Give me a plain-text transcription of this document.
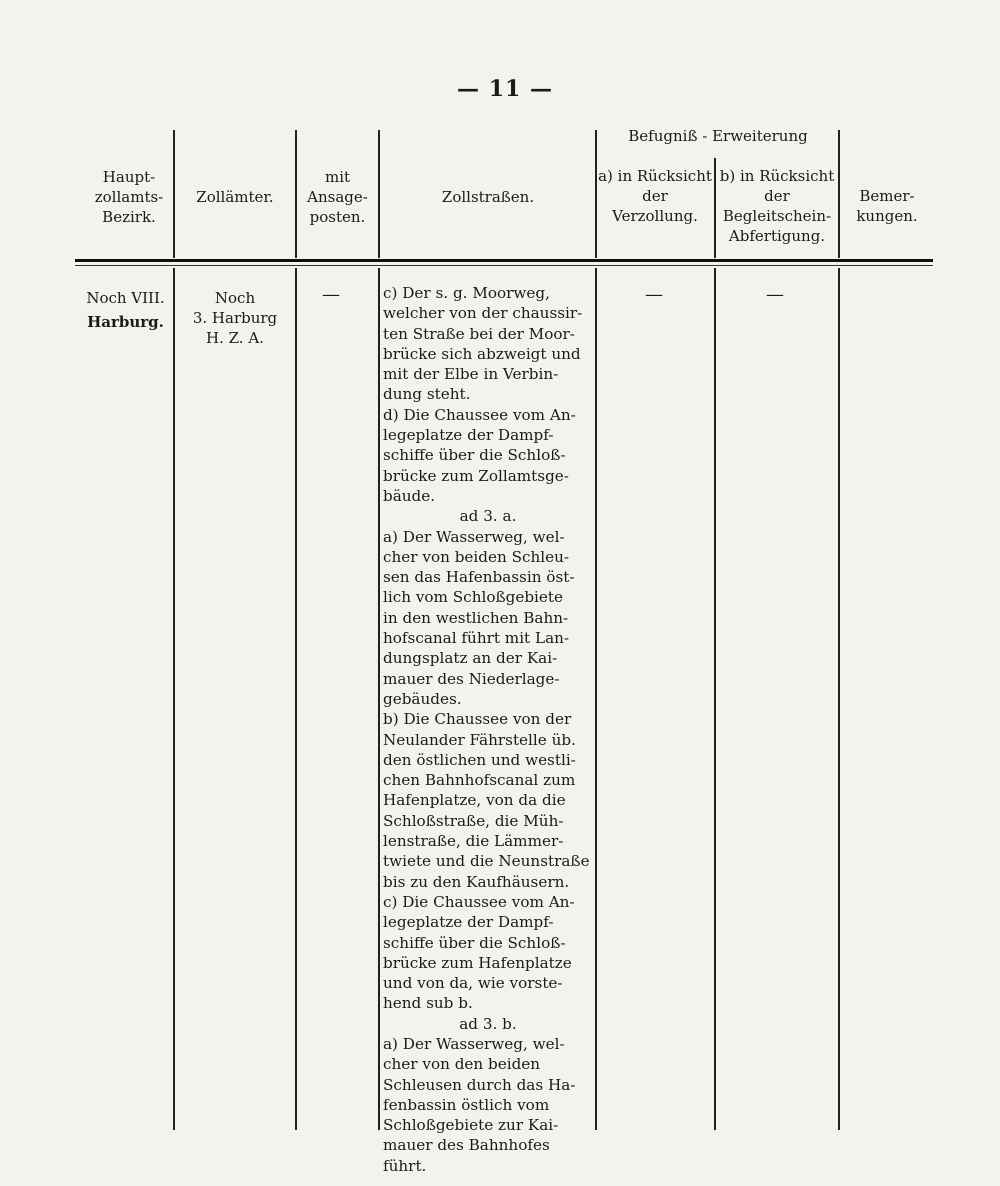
— 11 —
Haupt-
zollamts-
Bezirk.
Zollämter.
mit
Ansage-
posten.
Zollstraßen.
Befugniß - Erweiterung
a) in Rücksicht
der
Verzollung.
b) in Rücksicht
der
Begleitschein-
Abfertigung.
Bemer-
kungen.
Noch VIII.
Harburg.
Noch
3. Harburg
H. Z. A.
—	—	—
c) Der s. g. Moorweg,
welcher von der chaussir-
ten Straße bei der Moor-
brücke sich abzweigt und
mit der Elbe in Verbin-
dung steht.
d) Die Chaussee vom An-
legeplatze der Dampf-
schiffe über die Schloß-
brücke zum Zollamtsge-
bäude.
ad 3. a.
a) Der Wasserweg, wel-
cher von beiden Schleu-
sen das Hafenbassin öst-
lich vom Schloßgebiete
in den westlichen Bahn-
hofscanal führt mit Lan-
dungsplatz an der Kai-
mauer des Niederlage-
gebäudes.
b) Die Chaussee von der
Neulander Fährstelle üb.
den östlichen und westli-
chen Bahnhofscanal zum
Hafenplatze, von da die
Schloßstraße, die Müh-
lenstraße, die Lämmer-
twiete und die Neunstraße
bis zu den Kaufhäusern.
c) Die Chaussee vom An-
legeplatze der Dampf-
schiffe über die Schloß-
brücke zum Hafenplatze
und von da, wie vorste-
hend sub b.
ad 3. b.
a) Der Wasserweg, wel-
cher von den beiden
Schleusen durch das Ha-
fenbassin östlich vom
Schloßgebiete zur Kai-
mauer des Bahnhofes
führt.
